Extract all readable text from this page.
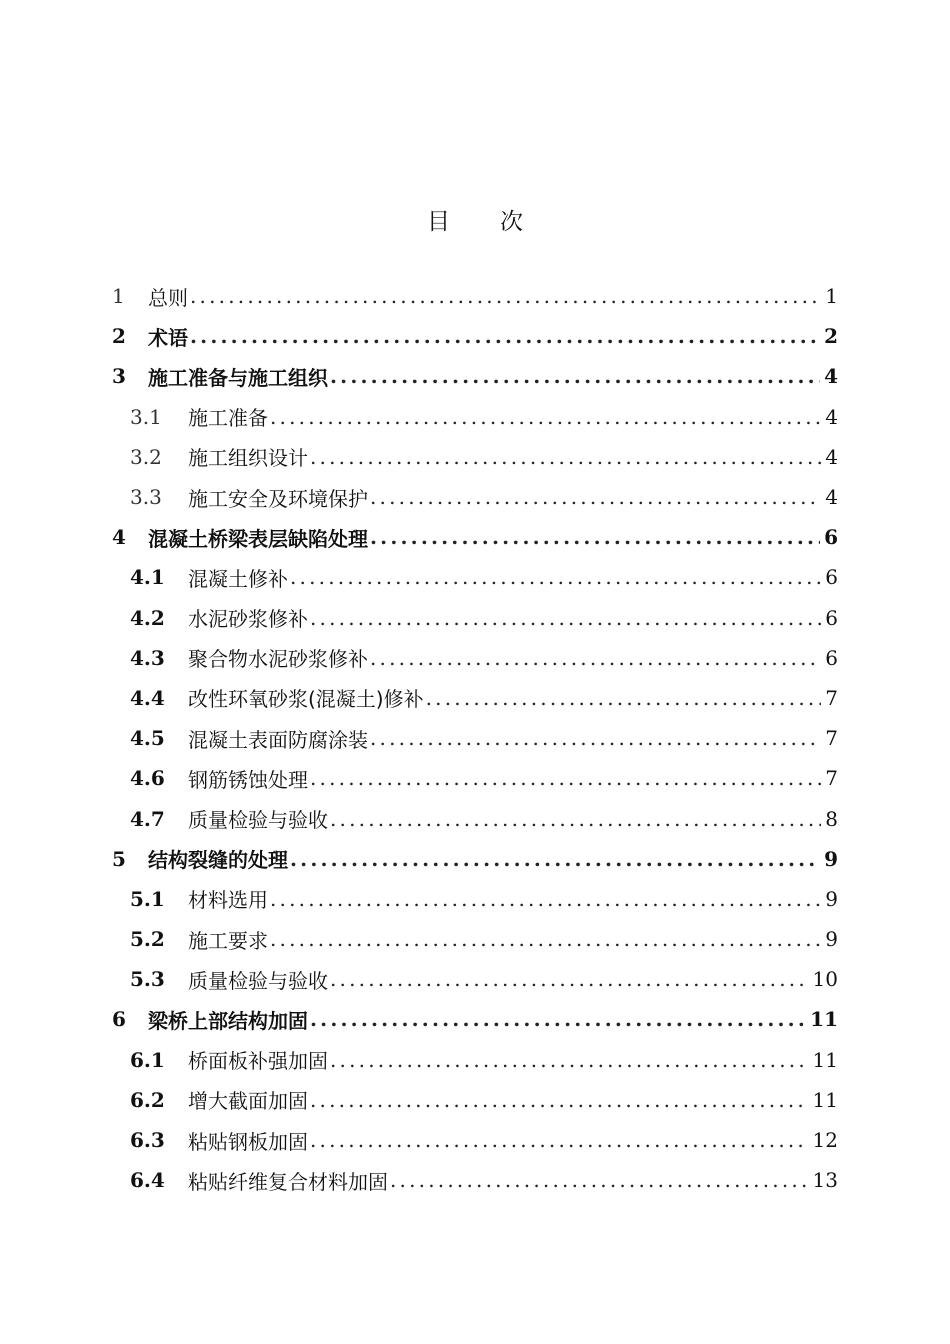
目 次
1	总则 .....	1
2	术语 .....	2
3	施工准备与施工组织 .....	4
3.1	施工准备 .....	4
3.2	施工组织设计 .....	4
3.3	施工安全及环境保护 .....	4
4	混凝土桥梁表层缺陷处理 .....	6
4.1	混凝土修补 .....	6
4.2	水泥砂浆修补 .....	6
4.3	聚合物水泥砂浆修补 .....	6
4.4	改性环氧砂浆(混凝土)修补 .....	7
4.5	混凝土表面防腐涂装 .....	7
4.6	钢筋锈蚀处理 .....	7
4.7	质量检验与验收 .....	8
5	结构裂缝的处理 .....	9
5.1	材料选用 .....	9
5.2	施工要求 .....	9
5.3	质量检验与验收 .....	10
6	梁桥上部结构加固 .....	11
6.1	桥面板补强加固 .....	11
6.2	增大截面加固 .....	11
6.3	粘贴钢板加固 .....	12
6.4	粘贴纤维复合材料加固 .....	13
